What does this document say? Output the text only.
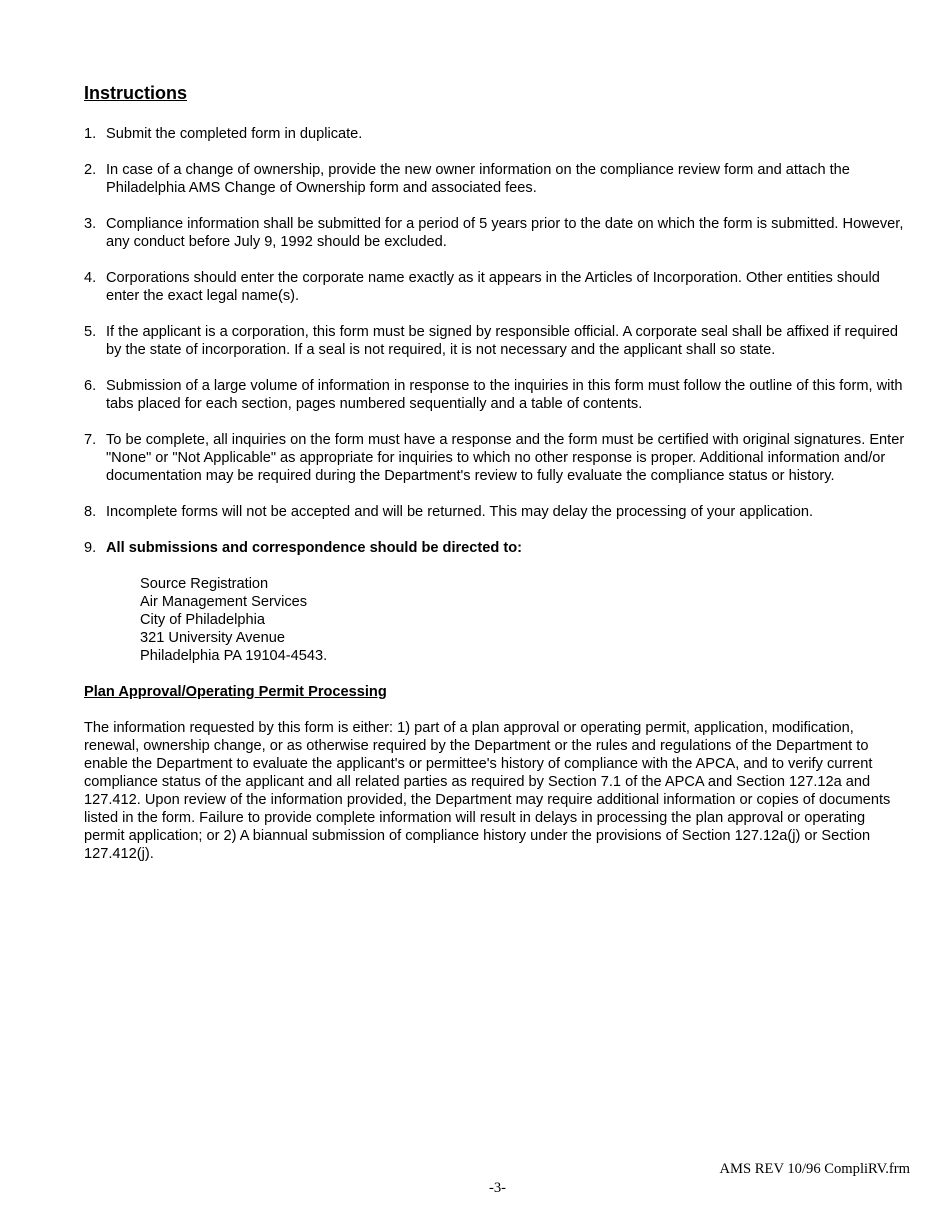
Instructions
1. Submit the completed form in duplicate.
2. In case of a change of ownership, provide the new owner information on the compliance review form and attach the Philadelphia AMS Change of Ownership form and associated fees.
3. Compliance information shall be submitted for a period of 5 years prior to the date on which the form is submitted. However, any conduct before July 9, 1992 should be excluded.
4. Corporations should enter the corporate name exactly as it appears in the Articles of Incorporation. Other entities should enter the exact legal name(s).
5. If the applicant is a corporation, this form must be signed by responsible official. A corporate seal shall be affixed if required by the state of incorporation. If a seal is not required, it is not necessary and the applicant shall so state.
6. Submission of a large volume of information in response to the inquiries in this form must follow the outline of this form, with tabs placed for each section, pages numbered sequentially and a table of contents.
7. To be complete, all inquiries on the form must have a response and the form must be certified with original signatures. Enter "None" or "Not Applicable" as appropriate for inquiries to which no other response is proper. Additional information and/or documentation may be required during the Department's review to fully evaluate the compliance status or history.
8. Incomplete forms will not be accepted and will be returned. This may delay the processing of your application.
9. All submissions and correspondence should be directed to:
Source Registration
Air Management Services
City of Philadelphia
321 University Avenue
Philadelphia PA 19104-4543.
Plan Approval/Operating Permit Processing

The information requested by this form is either: 1) part of a plan approval or operating permit, application, modification, renewal, ownership change, or as otherwise required by the Department or the rules and regulations of the Department to enable the Department to evaluate the applicant's or permittee's history of compliance with the APCA, and to verify current compliance status of the applicant and all related parties as required by Section 7.1 of the APCA and Section 127.12a and 127.412. Upon review of the information provided, the Department may require additional information or copies of documents listed in the form. Failure to provide complete information will result in delays in processing the plan approval or operating permit application; or 2) A biannual submission of compliance history under the provisions of Section 127.12a(j) or Section 127.412(j).

AMS REV 10/96 CompliRV.frm
-3-
